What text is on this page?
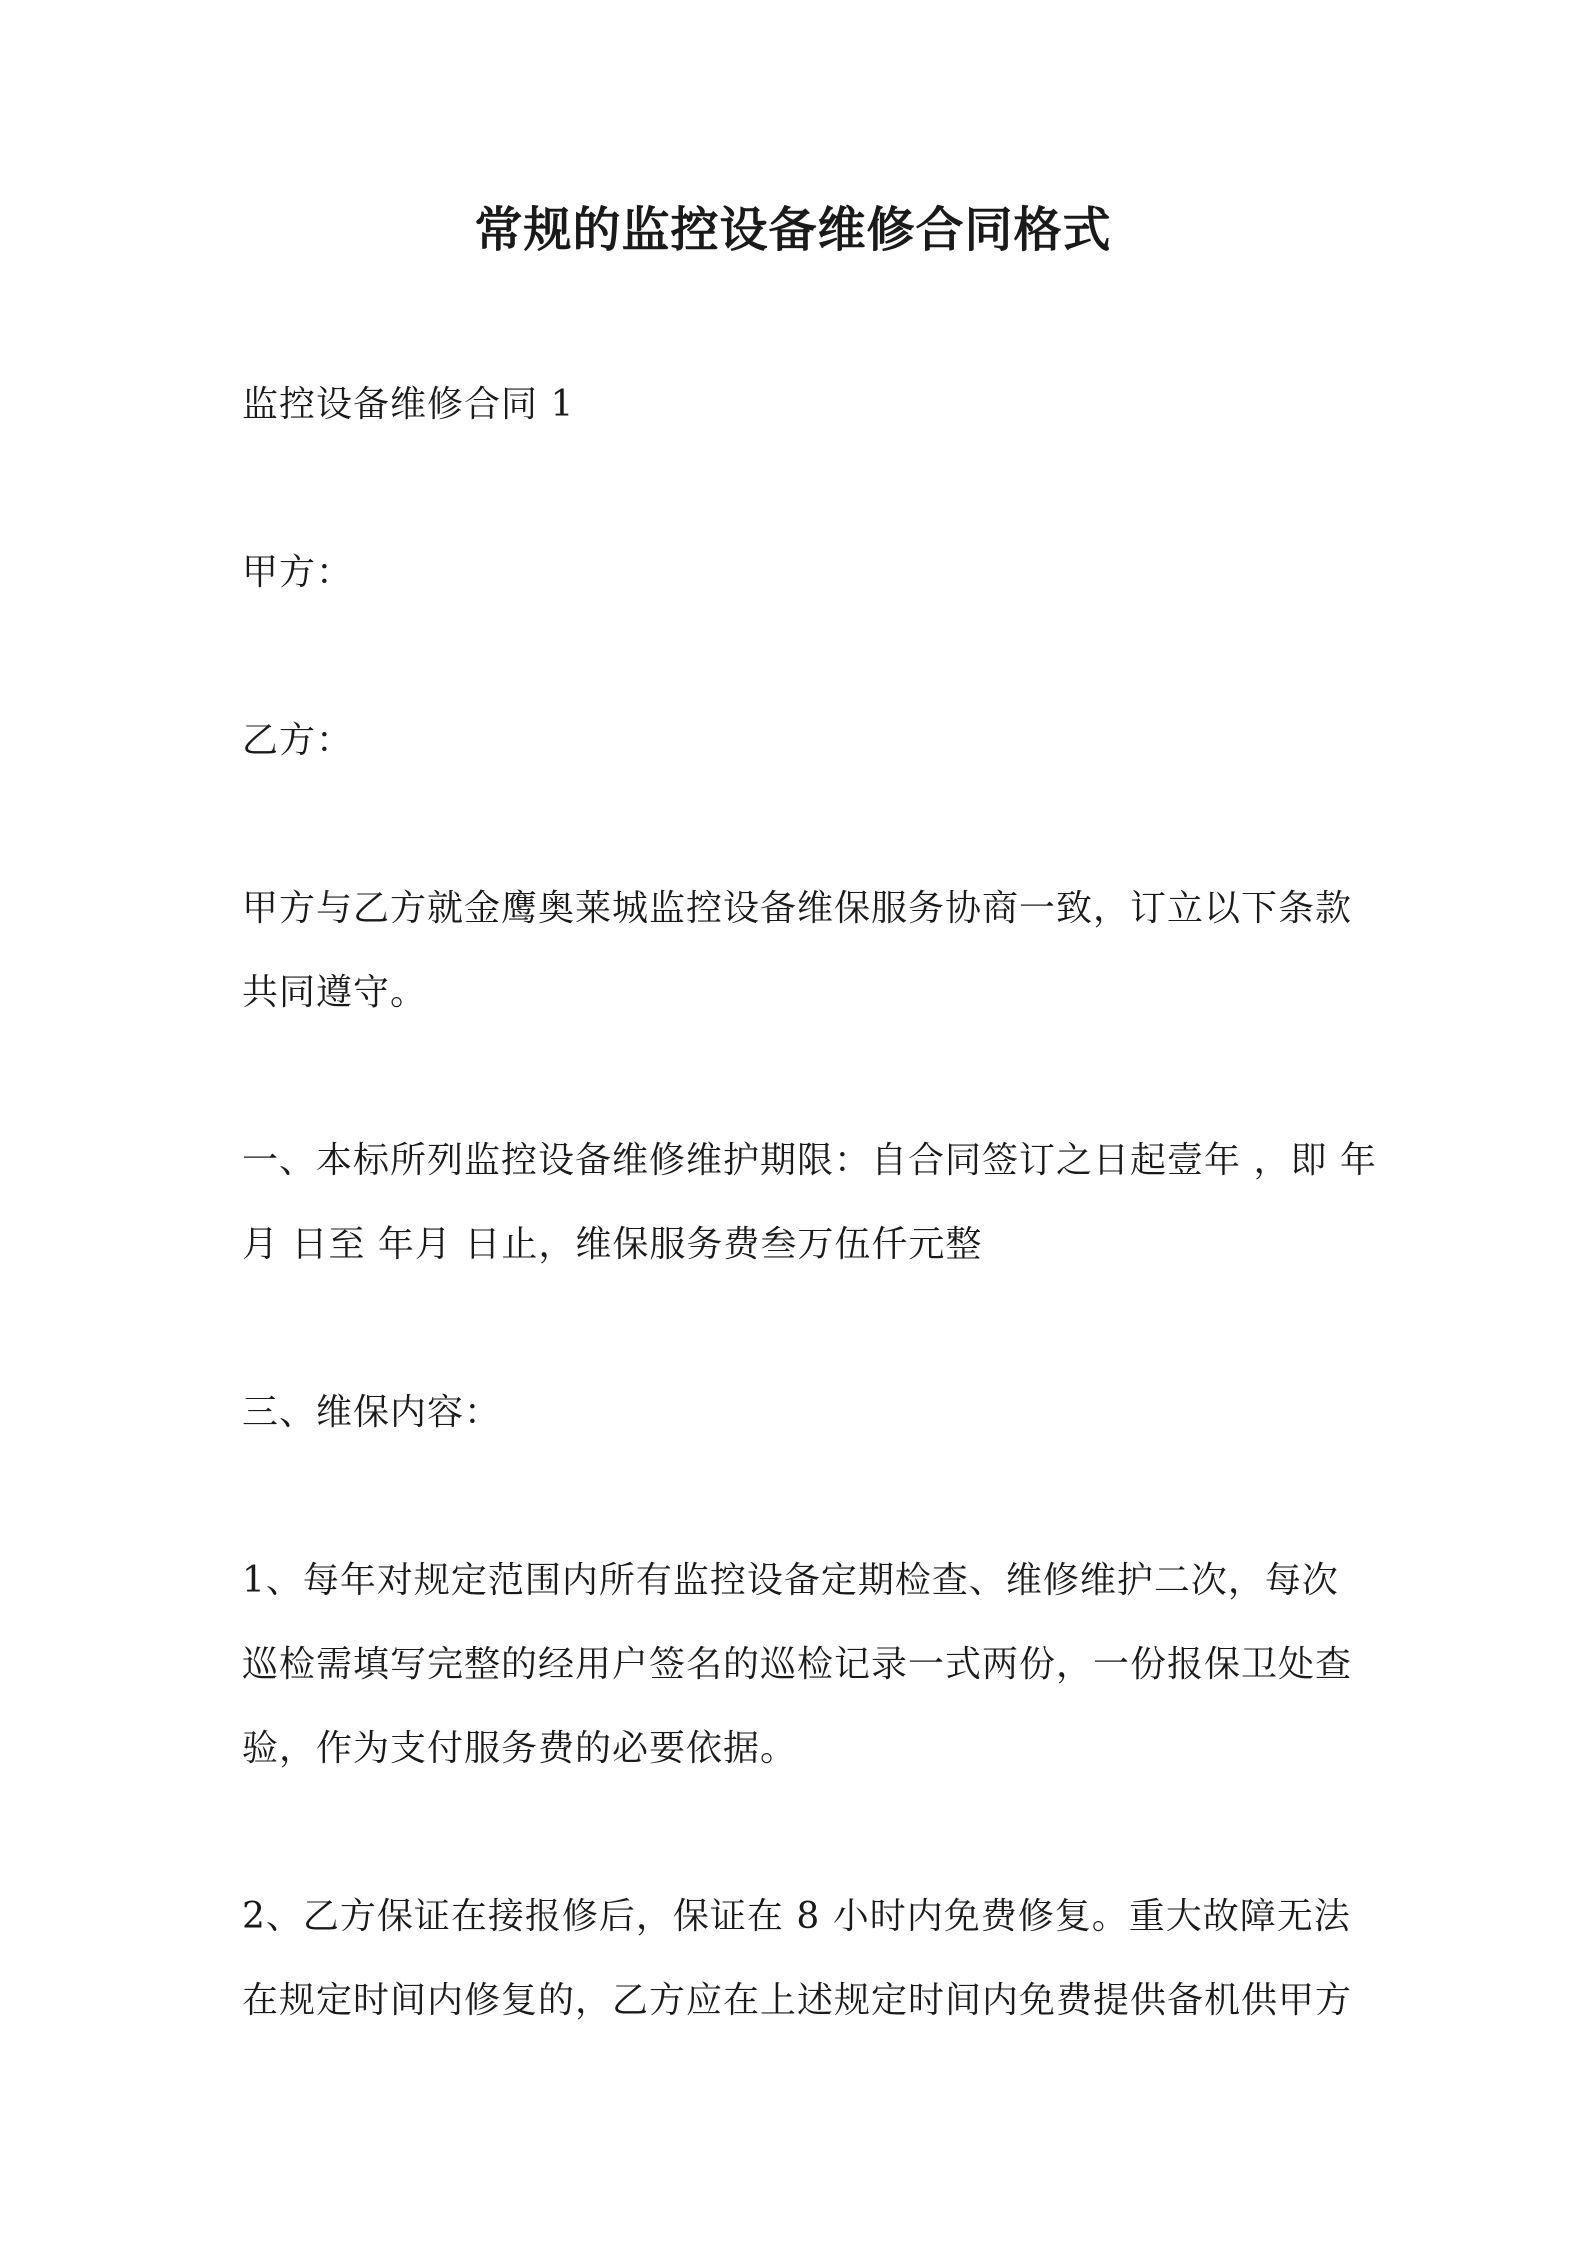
常规的监控设备维修合同格式
监控设备维修合同 1
甲方：
乙方：
甲方与乙方就金鹰奥莱城监控设备维保服务协商一致，订立以下条款
共同遵守。
一、本标所列监控设备维修维护期限：自合同签订之日起壹年 ，即 年
月 日至 年月 日止，维保服务费叁万伍仟元整
三、维保内容：
1、每年对规定范围内所有监控设备定期检查、维修维护二次，每次
巡检需填写完整的经用户签名的巡检记录一式两份，一份报保卫处查
验，作为支付服务费的必要依据。
2、乙方保证在接报修后，保证在 8 小时内免费修复。重大故障无法
在规定时间内修复的，乙方应在上述规定时间内免费提供备机供甲方
